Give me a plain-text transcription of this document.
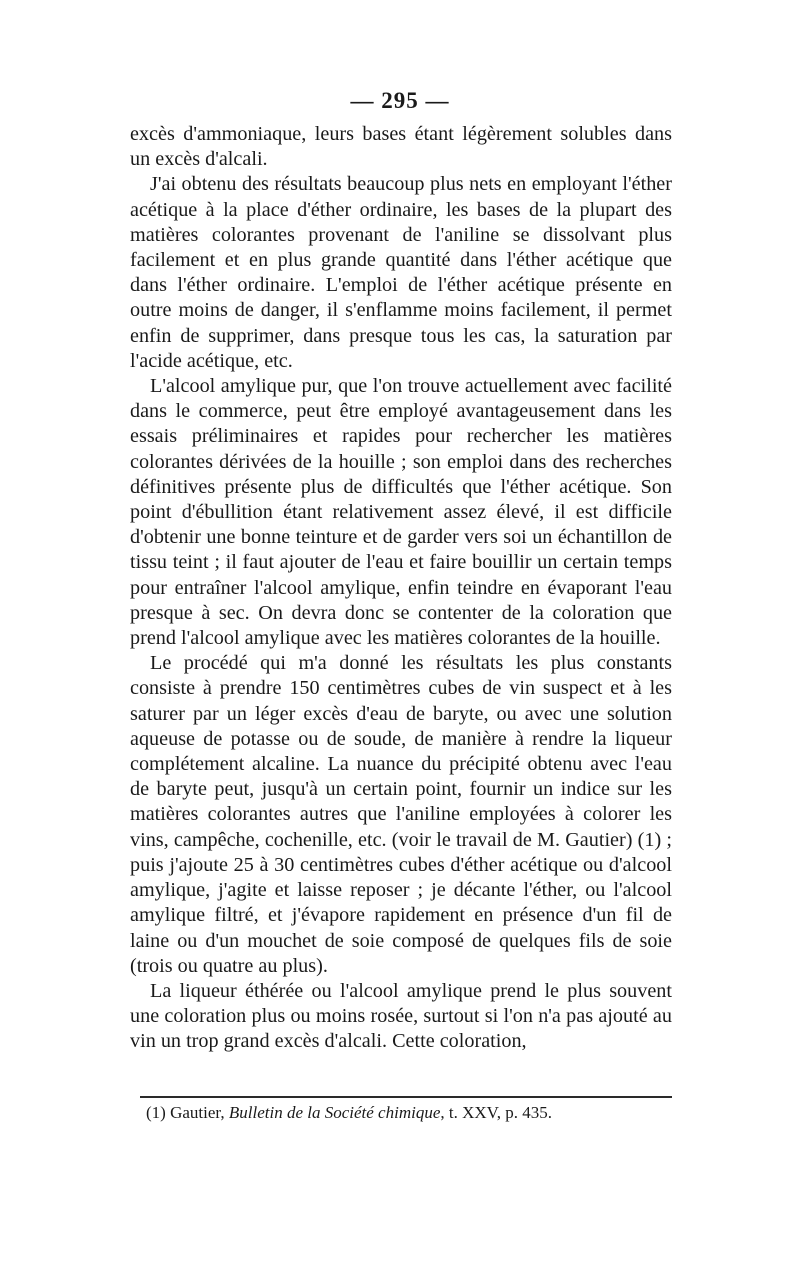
— 295 —

excès d'ammoniaque, leurs bases étant légèrement solubles dans un excès d'alcali.

J'ai obtenu des résultats beaucoup plus nets en employant l'éther acétique à la place d'éther ordinaire, les bases de la plupart des matières colorantes provenant de l'aniline se dissolvant plus facilement et en plus grande quantité dans l'éther acétique que dans l'éther ordinaire. L'emploi de l'éther acétique présente en outre moins de danger, il s'enflamme moins facilement, il permet enfin de supprimer, dans presque tous les cas, la saturation par l'acide acétique, etc.

L'alcool amylique pur, que l'on trouve actuellement avec facilité dans le commerce, peut être employé avantageusement dans les essais préliminaires et rapides pour rechercher les matières colorantes dérivées de la houille ; son emploi dans des recherches définitives présente plus de difficultés que l'éther acétique. Son point d'ébullition étant relativement assez élevé, il est difficile d'obtenir une bonne teinture et de garder vers soi un échantillon de tissu teint ; il faut ajouter de l'eau et faire bouillir un certain temps pour entraîner l'alcool amylique, enfin teindre en évaporant l'eau presque à sec. On devra donc se contenter de la coloration que prend l'alcool amylique avec les matières colorantes de la houille.

Le procédé qui m'a donné les résultats les plus constants consiste à prendre 150 centimètres cubes de vin suspect et à les saturer par un léger excès d'eau de baryte, ou avec une solution aqueuse de potasse ou de soude, de manière à rendre la liqueur complétement alcaline. La nuance du précipité obtenu avec l'eau de baryte peut, jusqu'à un certain point, fournir un indice sur les matières colorantes autres que l'aniline employées à colorer les vins, campêche, cochenille, etc. (voir le travail de M. Gautier) (1) ; puis j'ajoute 25 à 30 centimètres cubes d'éther acétique ou d'alcool amylique, j'agite et laisse reposer ; je décante l'éther, ou l'alcool amylique filtré, et j'évapore rapidement en présence d'un fil de laine ou d'un mouchet de soie composé de quelques fils de soie (trois ou quatre au plus).

La liqueur éthérée ou l'alcool amylique prend le plus souvent une coloration plus ou moins rosée, surtout si l'on n'a pas ajouté au vin un trop grand excès d'alcali. Cette coloration,

(1) Gautier, Bulletin de la Société chimique, t. XXV, p. 435.
